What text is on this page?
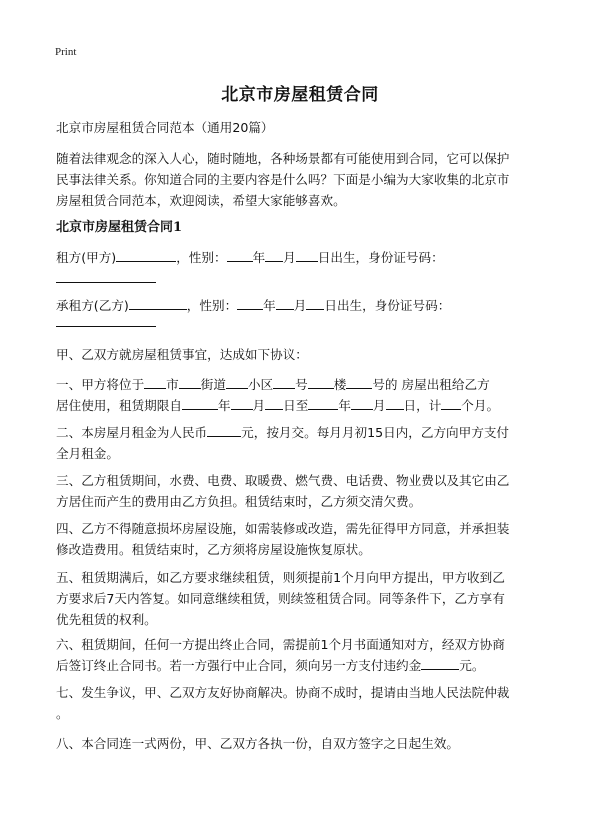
Print
北京市房屋租赁合同
北京市房屋租赁合同范本（通用20篇）
随着法律观念的深入人心，随时随地，各种场景都有可能使用到合同，它可以保护
民事法律关系。你知道合同的主要内容是什么吗？下面是小编为大家收集的北京市
房屋租赁合同范本，欢迎阅读，希望大家能够喜欢。
北京市房屋租赁合同1
租方(甲方)	，性别： 年 月 日出生，身份证号码：
承租方(乙方)	，性别： 年 月 日出生，身份证号码：
甲、乙双方就房屋租赁事宜，达成如下协议：
一、甲方将位于 市 街道 小区 号 楼 号的 房屋出租给乙方
居住使用，租赁期限自	年 月 日至 年 月 日，计 个月。
二、本房屋月租金为人民币	元，按月交。每月月初15日内，乙方向甲方支付
全月租金。
三、乙方租赁期间，水费、电费、取暖费、燃气费、电话费、物业费以及其它由乙
方居住而产生的费用由乙方负担。租赁结束时，乙方须交清欠费。
四、乙方不得随意损坏房屋设施，如需装修或改造，需先征得甲方同意，并承担装
修改造费用。租赁结束时，乙方须将房屋设施恢复原状。
五、租赁期满后，如乙方要求继续租赁，则须提前1个月向甲方提出，甲方收到乙
方要求后7天内答复。如同意继续租赁，则续签租赁合同。同等条件下，乙方享有
优先租赁的权利。
六、租赁期间，任何一方提出终止合同，需提前1个月书面通知对方，经双方协商
后签订终止合同书。若一方强行中止合同，须向另一方支付违约金	元。
七、发生争议，甲、乙双方友好协商解决。协商不成时，提请由当地人民法院仲裁
。
八、本合同连一式两份，甲、乙双方各执一份，自双方签字之日起生效。
